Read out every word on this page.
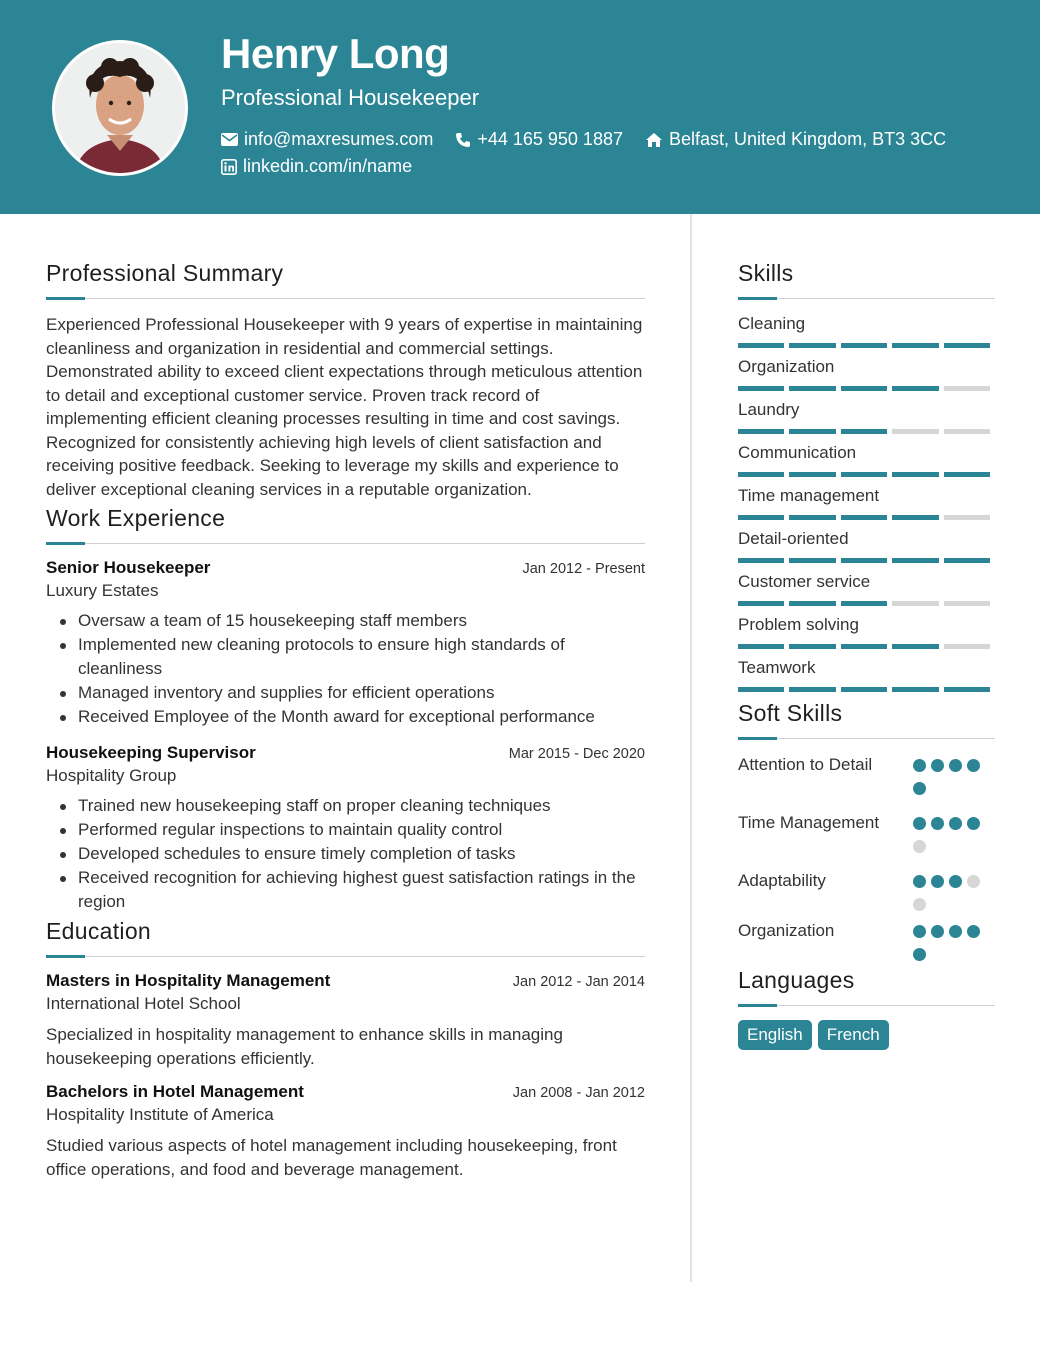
Henry Long
Professional Housekeeper
info@maxresumes.com +44 165 950 1887	Belfast, United Kingdom, BT3 3CC
linkedin.com/in/name
Professional Summary
Experienced Professional Housekeeper with 9 years of expertise in maintaining cleanliness and organization in residential and commercial settings. Demonstrated ability to exceed client expectations through meticulous attention to detail and exceptional customer service. Proven track record of implementing efficient cleaning processes resulting in time and cost savings. Recognized for consistently achieving high levels of client satisfaction and receiving positive feedback. Seeking to leverage my skills and experience to deliver exceptional cleaning services in a reputable organization.
Work Experience
Senior Housekeeper	Jan 2012 - Present
Luxury Estates
Oversaw a team of 15 housekeeping staff members
Implemented new cleaning protocols to ensure high standards of cleanliness
Managed inventory and supplies for efficient operations
Received Employee of the Month award for exceptional performance
Housekeeping Supervisor	Mar 2015 - Dec 2020
Hospitality Group
Trained new housekeeping staff on proper cleaning techniques
Performed regular inspections to maintain quality control
Developed schedules to ensure timely completion of tasks
Received recognition for achieving highest guest satisfaction ratings in the region
Education
Masters in Hospitality Management	Jan 2012 - Jan 2014
International Hotel School
Specialized in hospitality management to enhance skills in managing housekeeping operations efficiently.
Bachelors in Hotel Management	Jan 2008 - Jan 2012
Hospitality Institute of America
Studied various aspects of hotel management including housekeeping, front office operations, and food and beverage management.
Skills
Cleaning
Organization
Laundry
Communication
Time management
Detail-oriented
Customer service
Problem solving
Teamwork
Soft Skills
Attention to Detail
Time Management
Adaptability
Organization
Languages
English	French
